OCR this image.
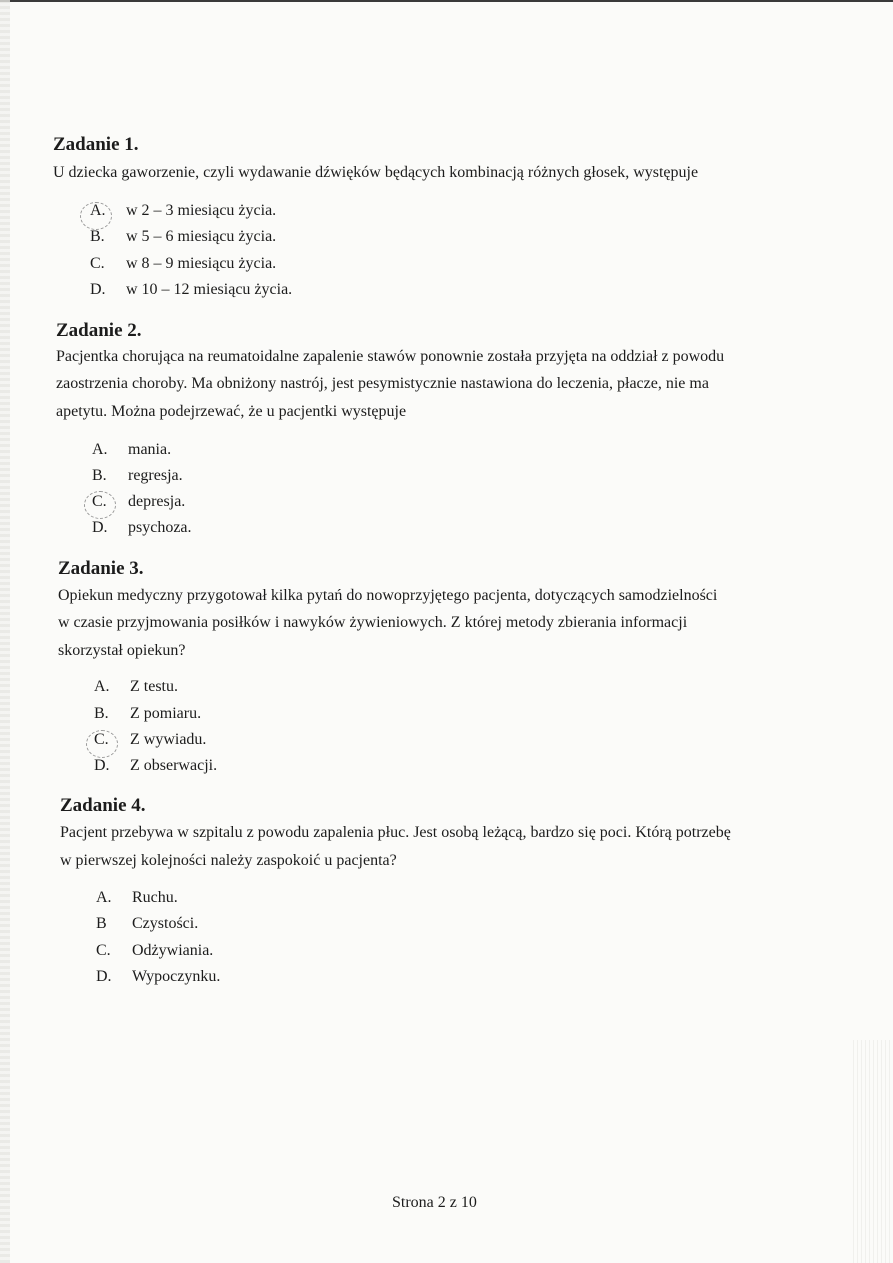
Zadanie 1.
U dziecka gaworzenie, czyli wydawanie dźwięków będących kombinacją różnych głosek, występuje
A.	w 2 – 3 miesiącu życia.
B.	w 5 – 6 miesiącu życia.
C.	w 8 – 9 miesiącu życia.
D.	w 10 – 12 miesiącu życia.
Zadanie 2.
Pacjentka chorująca na reumatoidalne zapalenie stawów ponownie została przyjęta na oddział z powodu
zaostrzenia choroby. Ma obniżony nastrój, jest pesymistycznie nastawiona do leczenia, płacze, nie ma
apetytu. Można podejrzewać, że u pacjentki występuje
A.	mania.
B.	regresja.
C.	depresja.
D.	psychoza.
Zadanie 3.
Opiekun medyczny przygotował kilka pytań do nowoprzyjętego pacjenta, dotyczących samodzielności
w czasie przyjmowania posiłków i nawyków żywieniowych. Z której metody zbierania informacji
skorzystał opiekun?
A.	Z testu.
B.	Z pomiaru.
C.	Z wywiadu.
D.	Z obserwacji.
Zadanie 4.
Pacjent przebywa w szpitalu z powodu zapalenia płuc. Jest osobą leżącą, bardzo się poci. Którą potrzebę
w pierwszej kolejności należy zaspokoić u pacjenta?
A.	Ruchu.
B	Czystości.
C.	Odżywiania.
D.	Wypoczynku.
Strona 2 z 10
